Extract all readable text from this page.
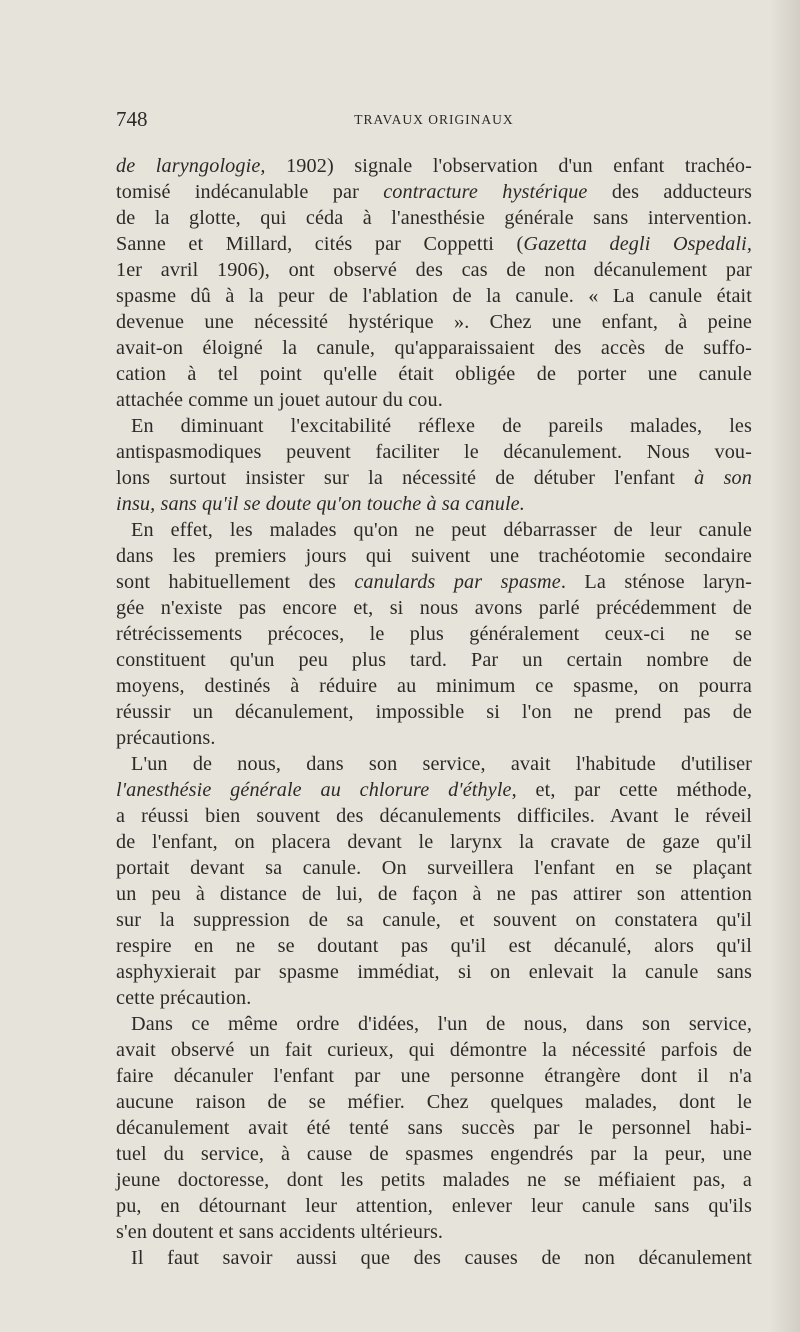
748	TRAVAUX ORIGINAUX
de laryngologie, 1902) signale l'observation d'un enfant trachéo-
tomisé indécanulable par contracture hystérique des adducteurs
de la glotte, qui céda à l'anesthésie générale sans intervention.
Sanne et Millard, cités par Coppetti (Gazetta degli Ospedali,
1er avril 1906), ont observé des cas de non décanulement par
spasme dû à la peur de l'ablation de la canule. « La canule était
devenue une nécessité hystérique ». Chez une enfant, à peine
avait-on éloigné la canule, qu'apparaissaient des accès de suffo-
cation à tel point qu'elle était obligée de porter une canule
attachée comme un jouet autour du cou.
En diminuant l'excitabilité réflexe de pareils malades, les
antispasmodiques peuvent faciliter le décanulement. Nous vou-
lons surtout insister sur la nécessité de détuber l'enfant à son
insu, sans qu'il se doute qu'on touche à sa canule.
En effet, les malades qu'on ne peut débarrasser de leur canule
dans les premiers jours qui suivent une trachéotomie secondaire
sont habituellement des canulards par spasme. La sténose laryn-
gée n'existe pas encore et, si nous avons parlé précédemment de
rétrécissements précoces, le plus généralement ceux-ci ne se
constituent qu'un peu plus tard. Par un certain nombre de
moyens, destinés à réduire au minimum ce spasme, on pourra
réussir un décanulement, impossible si l'on ne prend pas de
précautions.
L'un de nous, dans son service, avait l'habitude d'utiliser
l'anesthésie générale au chlorure d'éthyle, et, par cette méthode,
a réussi bien souvent des décanulements difficiles. Avant le réveil
de l'enfant, on placera devant le larynx la cravate de gaze qu'il
portait devant sa canule. On surveillera l'enfant en se plaçant
un peu à distance de lui, de façon à ne pas attirer son attention
sur la suppression de sa canule, et souvent on constatera qu'il
respire en ne se doutant pas qu'il est décanulé, alors qu'il
asphyxierait par spasme immédiat, si on enlevait la canule sans
cette précaution.
Dans ce même ordre d'idées, l'un de nous, dans son service,
avait observé un fait curieux, qui démontre la nécessité parfois de
faire décanuler l'enfant par une personne étrangère dont il n'a
aucune raison de se méfier. Chez quelques malades, dont le
décanulement avait été tenté sans succès par le personnel habi-
tuel du service, à cause de spasmes engendrés par la peur, une
jeune doctoresse, dont les petits malades ne se méfiaient pas, a
pu, en détournant leur attention, enlever leur canule sans qu'ils
s'en doutent et sans accidents ultérieurs.
Il faut savoir aussi que des causes de non décanulement
